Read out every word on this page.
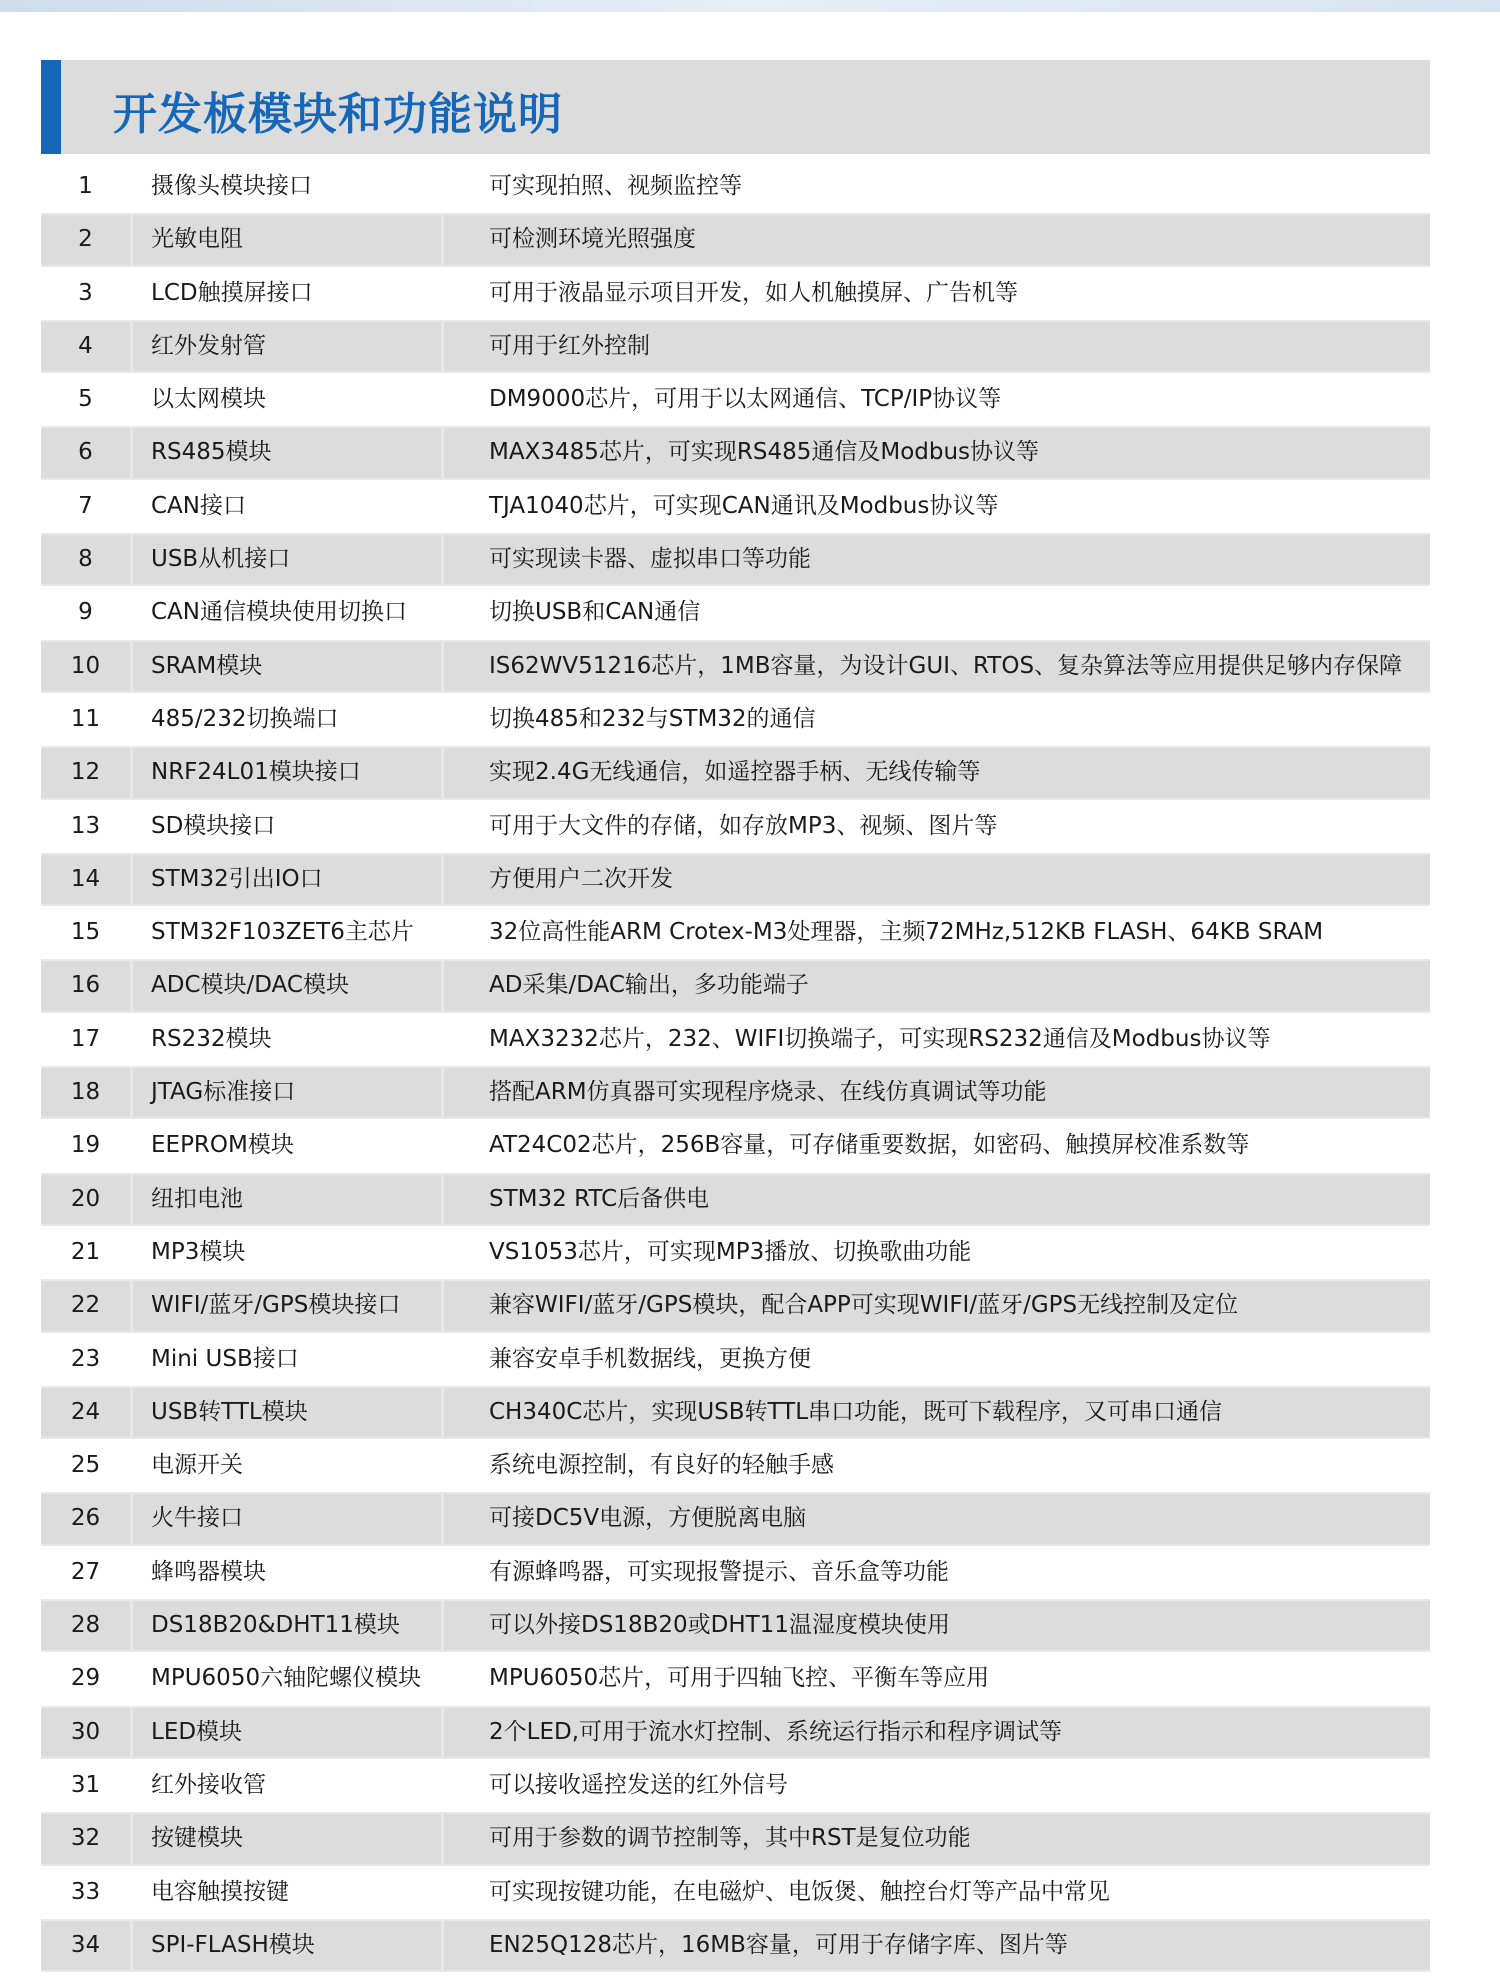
开发板模块和功能说明
1	摄像头模块接口	可实现拍照、视频监控等
2	光敏电阻	可检测环境光照强度
3	LCD触摸屏接口	可用于液晶显示项目开发，如人机触摸屏、广告机等
4	红外发射管	可用于红外控制
5	以太网模块	DM9000芯片，可用于以太网通信、TCP/IP协议等
6	RS485模块	MAX3485芯片，可实现RS485通信及Modbus协议等
7	CAN接口	TJA1040芯片，可实现CAN通讯及Modbus协议等
8	USB从机接口	可实现读卡器、虚拟串口等功能
9	CAN通信模块使用切换口	切换USB和CAN通信
10	SRAM模块	IS62WV51216芯片，1MB容量，为设计GUI、RTOS、复杂算法等应用提供足够内存保障
11	485/232切换端口	切换485和232与STM32的通信
12	NRF24L01模块接口	实现2.4G无线通信，如遥控器手柄、无线传输等
13	SD模块接口	可用于大文件的存储，如存放MP3、视频、图片等
14	STM32引出IO口	方便用户二次开发
15	STM32F103ZET6主芯片	32位高性能ARM Crotex-M3处理器，主频72MHz,512KB FLASH、64KB SRAM
16	ADC模块/DAC模块	AD采集/DAC输出，多功能端子
17	RS232模块	MAX3232芯片，232、WIFI切换端子，可实现RS232通信及Modbus协议等
18	JTAG标准接口	搭配ARM仿真器可实现程序烧录、在线仿真调试等功能
19	EEPROM模块	AT24C02芯片，256B容量，可存储重要数据，如密码、触摸屏校准系数等
20	纽扣电池	STM32 RTC后备供电
21	MP3模块	VS1053芯片，可实现MP3播放、切换歌曲功能
22	WIFI/蓝牙/GPS模块接口	兼容WIFI/蓝牙/GPS模块，配合APP可实现WIFI/蓝牙/GPS无线控制及定位
23	Mini USB接口	兼容安卓手机数据线，更换方便
24	USB转TTL模块	CH340C芯片，实现USB转TTL串口功能，既可下载程序，又可串口通信
25	电源开关	系统电源控制，有良好的轻触手感
26	火牛接口	可接DC5V电源，方便脱离电脑
27	蜂鸣器模块	有源蜂鸣器，可实现报警提示、音乐盒等功能
28	DS18B20&DHT11模块	可以外接DS18B20或DHT11温湿度模块使用
29	MPU6050六轴陀螺仪模块	MPU6050芯片，可用于四轴飞控、平衡车等应用
30	LED模块	2个LED,可用于流水灯控制、系统运行指示和程序调试等
31	红外接收管	可以接收遥控发送的红外信号
32	按键模块	可用于参数的调节控制等，其中RST是复位功能
33	电容触摸按键	可实现按键功能，在电磁炉、电饭煲、触控台灯等产品中常见
34	SPI-FLASH模块	EN25Q128芯片，16MB容量，可用于存储字库、图片等
